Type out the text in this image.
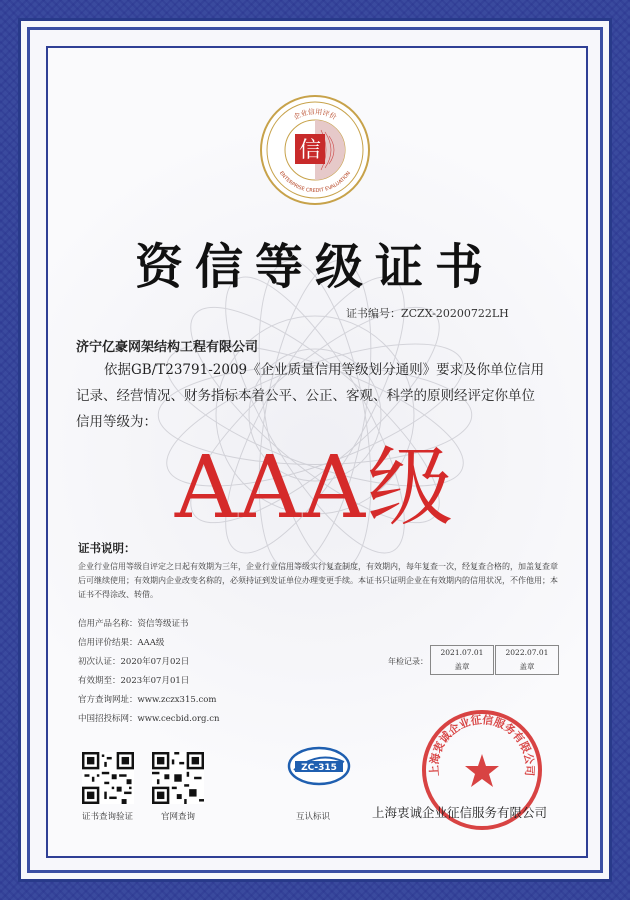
信
企业信用评价
ENTERPRISE CREDIT EVALUATION
资信等级证书
证书编号：ZCZX-20200722LH
济宁亿豪网架结构工程有限公司
依据GB/T23791-2009《企业质量信用等级划分通则》要求及你单位信用
记录、经营情况、财务指标本着公平、公正、客观、科学的原则经评定你单位
信用等级为：
AAA级
证书说明：
企业行业信用等级自评定之日起有效期为三年，企业行业信用等级实行复查制度，有效期内，每年复查一次，经复查合格的，加盖复查章后可继续使用；有效期内企业改变名称的，必须持证到发证单位办理变更手续。本证书只证明企业在有效期内的信用状况，不作他用；本证书不得涂改、转借。
信用产品名称：资信等级证书
信用评价结果：AAA级
初次认证：2020年07月02日
有效期至：2023年07月01日
官方查询网址：www.zczx315.com
中国招投标网：www.cecbid.org.cn
年检记录：
2021.07.01
盖章
2022.07.01
盖章
证书查询验证	官网查询
ZC-315
互认标识
上海衷诚企业征信服务有限公司
上海衷诚企业征信服务有限公司
